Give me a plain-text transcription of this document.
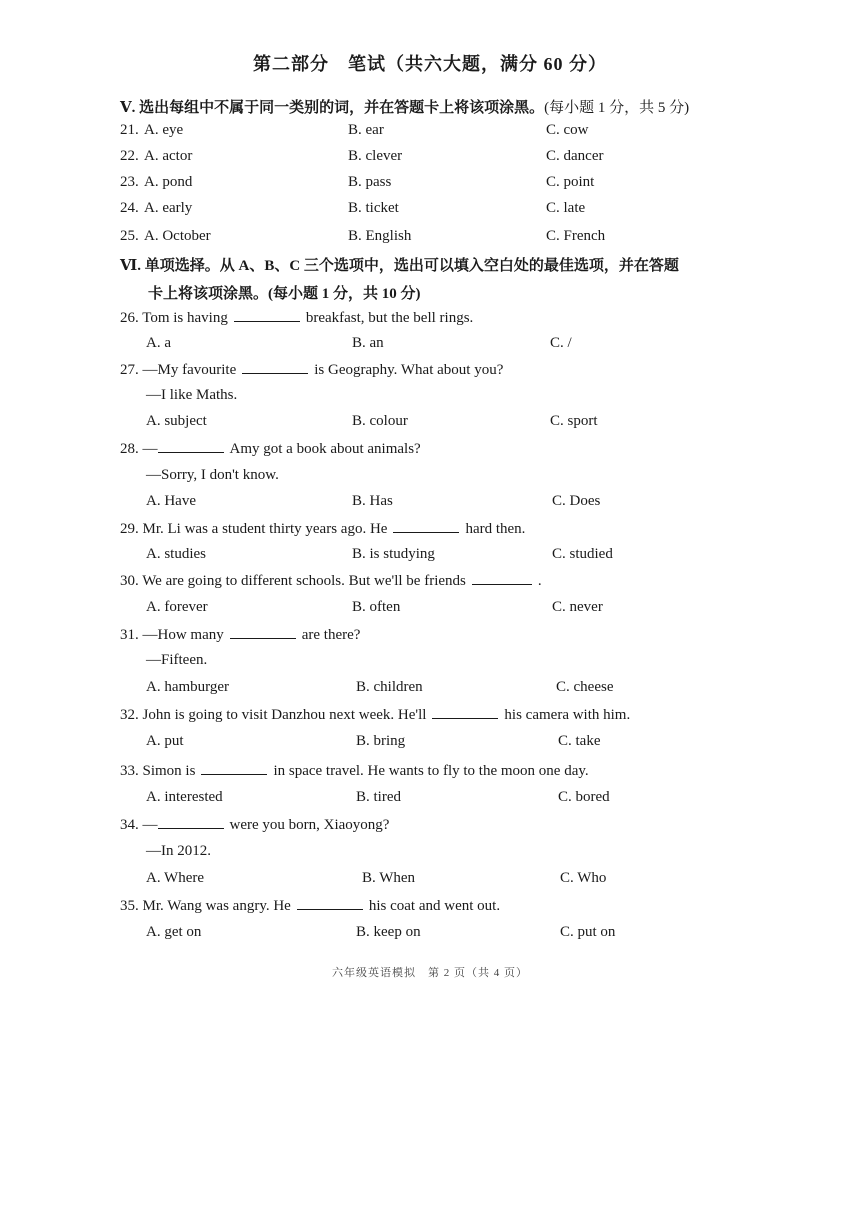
第二部分　笔试（共六大题，满分 60 分）
Ⅴ. 选出每组中不属于同一类别的词，并在答题卡上将该项涂黑。(每小题 1 分，共 5 分)
21. A. eye	B. ear	C. cow
22. A. actor	B. clever	C. dancer
23. A. pond	B. pass	C. point
24. A. early	B. ticket	C. late
25. A. October	B. English	C. French
Ⅵ. 单项选择。从 A、B、C 三个选项中，选出可以填入空白处的最佳选项，并在答题
卡上将该项涂黑。(每小题 1 分，共 10 分)
26. Tom is having	breakfast, but the bell rings.
A. a	B. an	C. /
27. —My favourite	is Geography. What about you?
—I like Maths.
A. subject	B. colour	C. sport
28. —	Amy got a book about animals?
—Sorry, I don't know.
A. Have	B. Has	C. Does
29. Mr. Li was a student thirty years ago. He	hard then.
A. studies	B. is studying	C. studied
30. We are going to different schools. But we'll be friends	.
A. forever	B. often	C. never
31. —How many	are there?
—Fifteen.
A. hamburger	B. children	C. cheese
32. John is going to visit Danzhou next week. He'll	his camera with him.
A. put	B. bring	C. take
33. Simon is	in space travel. He wants to fly to the moon one day.
A. interested	B. tired	C. bored
34. —	were you born, Xiaoyong?
—In 2012.
A. Where	B. When	C. Who
35. Mr. Wang was angry. He	his coat and went out.
A. get on	B. keep on	C. put on
六年级英语模拟　第 2 页（共 4 页）
